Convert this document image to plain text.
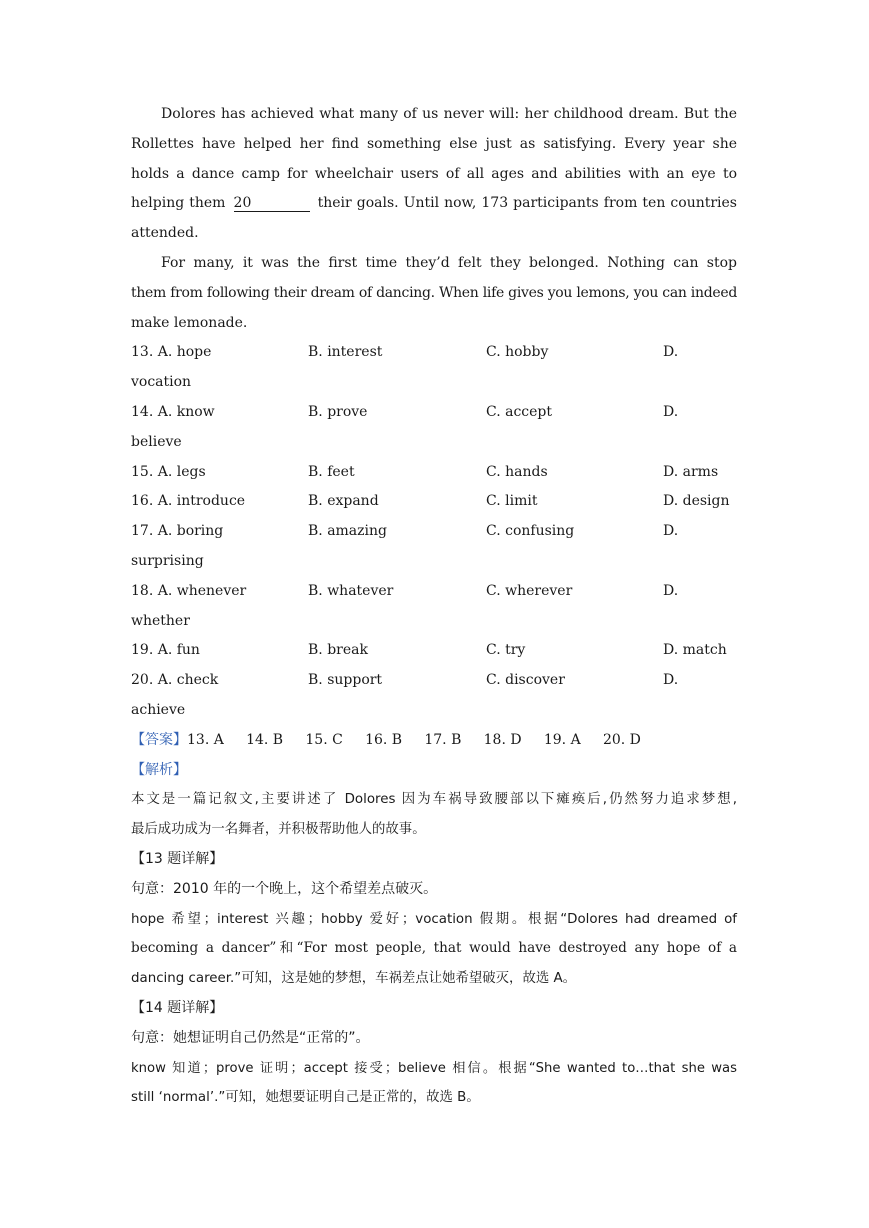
Dolores has achieved what many of us never will: her childhood dream. But the
Rollettes have helped her find something else just as satisfying. Every year she
holds a dance camp for wheelchair users of all ages and abilities with an eye to
helping them 20	their goals. Until now, 173 participants from ten countries
attended.
For many, it was the first time they’d felt they belonged. Nothing can stop
them from following their dream of dancing. When life gives you lemons, you can indeed
make lemonade.
13. A. hope	B. interest	C. hobby	D.
vocation
14. A. know	B. prove	C. accept	D.
believe
15. A. legs	B. feet	C. hands	D. arms
16. A. introduce	B. expand	C. limit	D. design
17. A. boring	B. amazing	C. confusing	D.
surprising
18. A. whenever	B. whatever	C. wherever	D.
whether
19. A. fun	B. break	C. try	D. match
20. A. check	B. support	C. discover	D.
achieve
【答案】13. A 14. B 15. C 16. B 17. B 18. D 19. A 20. D
【解析】
本文是一篇记叙文,主要讲述了 Dolores 因为车祸导致腰部以下瘫痪后,仍然努力追求梦想,
最后成功成为一名舞者，并积极帮助他人的故事。
【13 题详解】
句意：2010 年的一个晚上，这个希望差点破灭。
hope 希望；interest 兴趣；hobby 爱好；vocation 假期。根据“Dolores had dreamed of
becoming a dancer”和“For most people, that would have destroyed any hope of a
dancing career.”可知，这是她的梦想，车祸差点让她希望破灭，故选 A。
【14 题详解】
句意：她想证明自己仍然是“正常的”。
know 知道；prove 证明；accept 接受；believe 相信。根据“She wanted to…that she was
still ‘normal’.”可知，她想要证明自己是正常的，故选 B。
